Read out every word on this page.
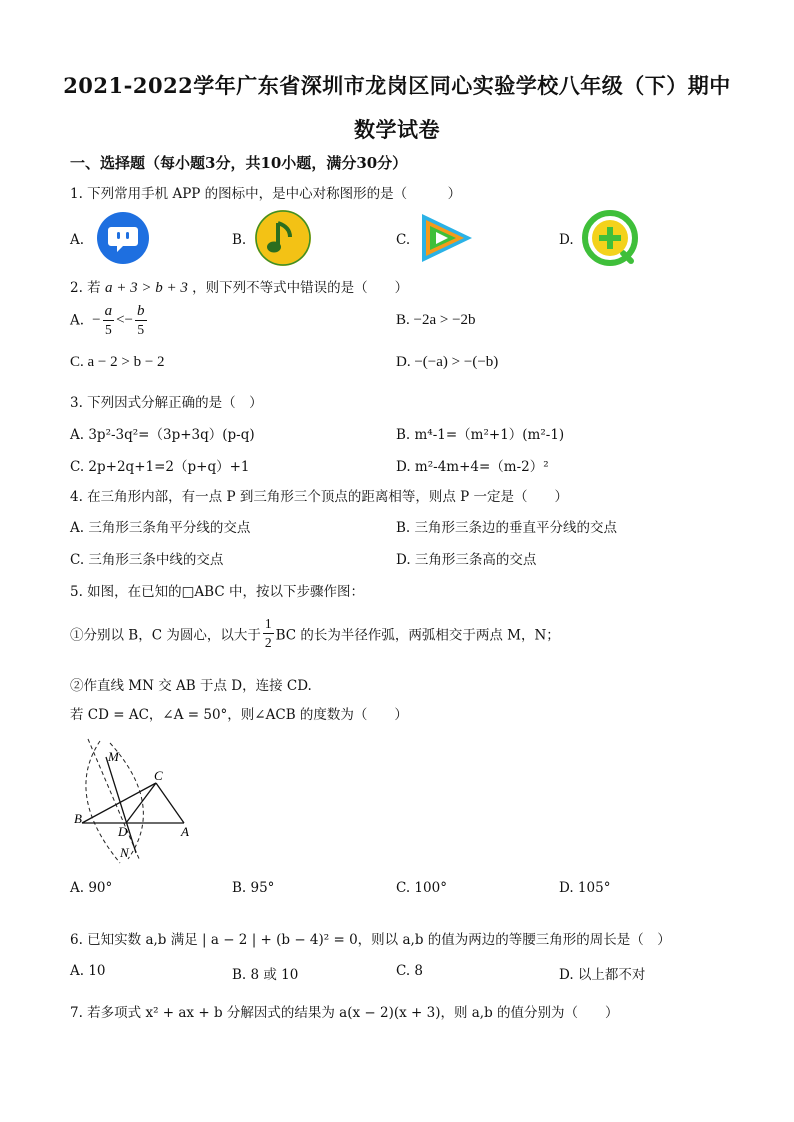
2021-2022学年广东省深圳市龙岗区同心实验学校八年级（下）期中
数学试卷
一、选择题（每小题3分，共10小题，满分30分）
1. 下列常用手机 APP 的图标中，是中心对称图形的是（　　　）
A.	B.	C.	D.
2. 若 a + 3 > b + 3 ，则下列不等式中错误的是（　　）
A.  − $\frac{a}{5} <- \frac{b}{5}$	B. −2a > −2b
C. a − 2 > b − 2	D. −(−a) > −(−b)
3. 下列因式分解正确的是（　）
A. 3p²-3q²=（3p+3q）(p-q)	B. m⁴-1=（m²+1）(m²-1)
C. 2p+2q+1=2（p+q）+1	D. m²-4m+4=（m-2）²
4. 在三角形内部，有一点 P 到三角形三个顶点的距离相等，则点 P 一定是（　　）
A. 三角形三条角平分线的交点	B. 三角形三条边的垂直平分线的交点
C. 三角形三条中线的交点	D. 三角形三条高的交点
5. 如图，在已知的□ABC 中，按以下步骤作图：
①分别以 B，C 为圆心，以大于 $\frac{1}{2}$ BC 的长为半径作弧，两弧相交于两点 M，N；
②作直线 MN 交 AB 于点 D，连接 CD.
若 CD = AC，∠A = 50°，则∠ACB 的度数为（　　）
M
C
B
D	A
N
A. 90°	B. 95°	C. 100°	D. 105°
6. 已知实数 a,b 满足 | a − 2 | + (b − 4)² = 0，则以 a,b 的值为两边的等腰三角形的周长是（　）
A. 10	B. 8 或 10	C. 8	D. 以上都不对
7. 若多项式 x² + ax + b 分解因式的结果为 a(x − 2)(x + 3)，则 a,b 的值分别为（　　）
